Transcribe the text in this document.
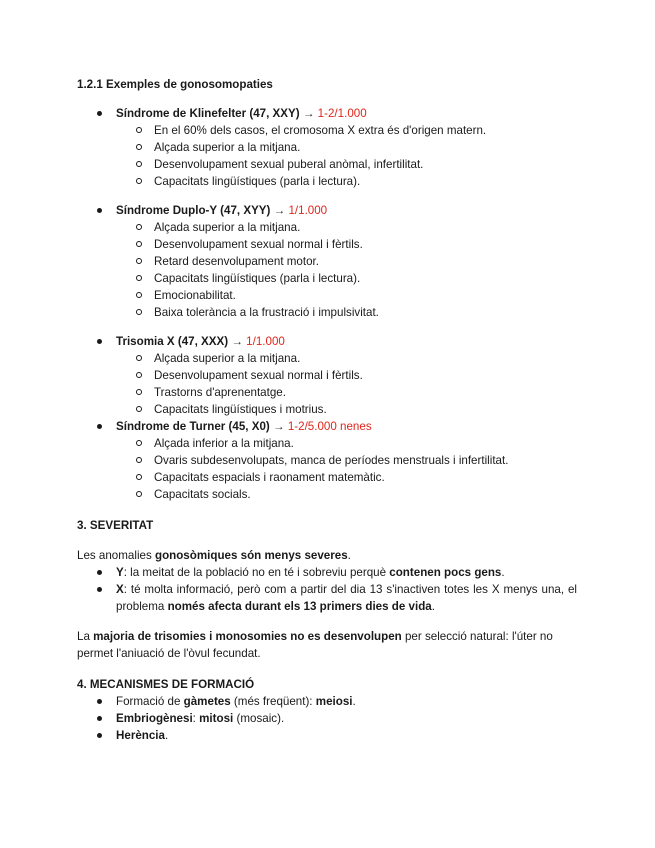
1.2.1 Exemples de gonosomopaties

Síndrome de Klinefelter (47, XXY) → 1-2/1.000
En el 60% dels casos, el cromosoma X extra és d'origen matern.
Alçada superior a la mitjana.
Desenvolupament sexual puberal anòmal, infertilitat.
Capacitats lingüístiques (parla i lectura).
Síndrome Duplo-Y (47, XYY) → 1/1.000
Alçada superior a la mitjana.
Desenvolupament sexual normal i fèrtils.
Retard desenvolupament motor.
Capacitats lingüístiques (parla i lectura).
Emocionabilitat.
Baixa tolerància a la frustració i impulsivitat.
Trisomia X (47, XXX) → 1/1.000
Alçada superior a la mitjana.
Desenvolupament sexual normal i fèrtils.
Trastorns d'aprenentatge.
Capacitats lingüístiques i motrius.
Síndrome de Turner (45, X0) → 1-2/5.000 nenes
Alçada inferior a la mitjana.
Ovaris subdesenvolupats, manca de períodes menstruals i infertilitat.
Capacitats espacials i raonament matemàtic.
Capacitats socials.

3. SEVERITAT

Les anomalies gonosòmiques són menys severes.

Y: la meitat de la població no en té i sobreviu perquè contenen pocs gens.
X: té molta informació, però com a partir del dia 13 s'inactiven totes les X menys una, el problema només afecta durant els 13 primers dies de vida.

La majoria de trisomies i monosomies no es desenvolupen per selecció natural: l'úter no permet l'aniuació de l'òvul fecundat.

4. MECANISMES DE FORMACIÓ

Formació de gàmetes (més freqüent): meiosi.
Embriogènesi: mitosi (mosaic).
Herència.
